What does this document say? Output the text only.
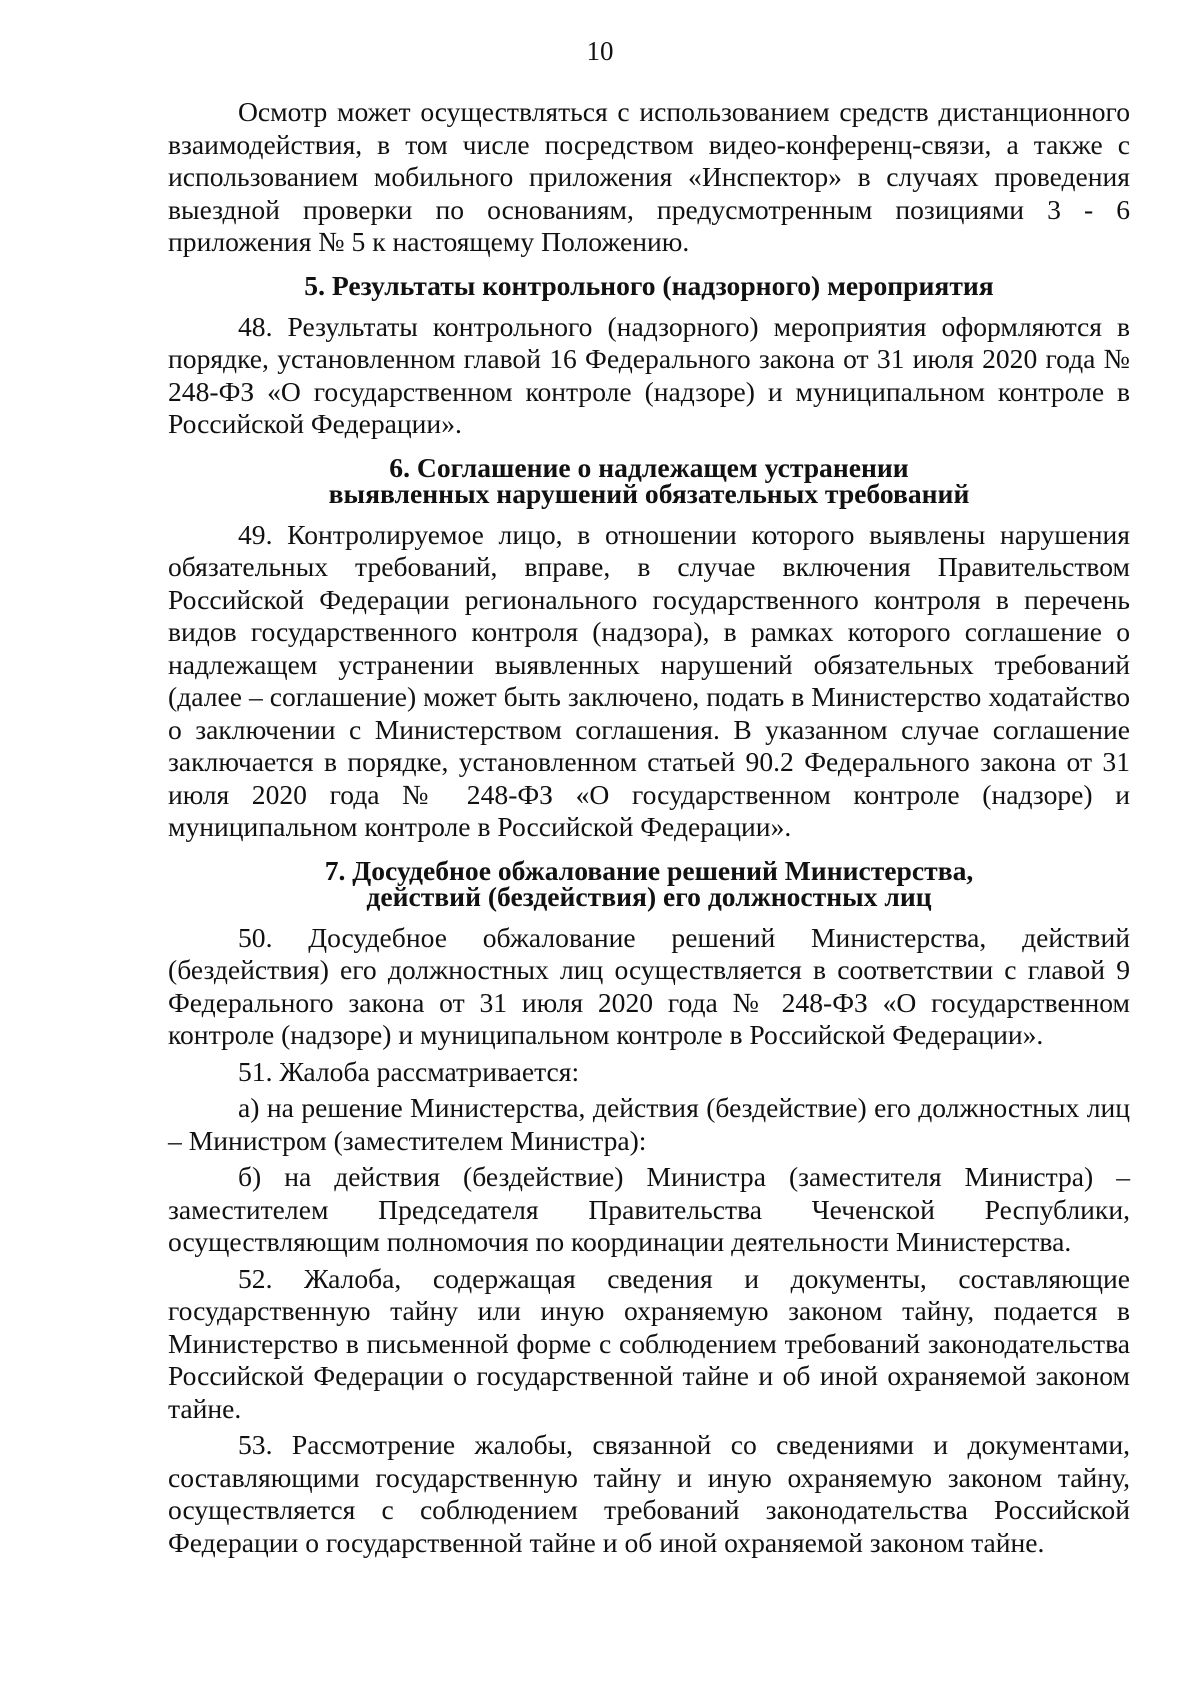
10

Осмотр может осуществляться с использованием средств дистанционного взаимодействия, в том числе посредством видео-конференц-связи, а также с использованием мобильного приложения «Инспектор» в случаях проведения выездной проверки по основаниям, предусмотренным позициями 3 - 6 приложения № 5 к настоящему Положению.

5. Результаты контрольного (надзорного) мероприятия

48. Результаты контрольного (надзорного) мероприятия оформляются в порядке, установленном главой 16 Федерального закона от 31 июля 2020 года № 248-ФЗ «О государственном контроле (надзоре) и муниципальном контроле в Российской Федерации».

6. Соглашение о надлежащем устранении
выявленных нарушений обязательных требований

49. Контролируемое лицо, в отношении которого выявлены нарушения обязательных требований, вправе, в случае включения Правительством Российской Федерации регионального государственного контроля в перечень видов государственного контроля (надзора), в рамках которого соглашение о надлежащем устранении выявленных нарушений обязательных требований (далее – соглашение) может быть заключено, подать в Министерство ходатайство о заключении с Министерством соглашения. В указанном случае соглашение заключается в порядке, установленном статьей 90.2 Федерального закона от 31 июля 2020 года № 248-ФЗ «О государственном контроле (надзоре) и муниципальном контроле в Российской Федерации».

7. Досудебное обжалование решений Министерства,
действий (бездействия) его должностных лиц

50. Досудебное обжалование решений Министерства, действий (бездействия) его должностных лиц осуществляется в соответствии с главой 9 Федерального закона от 31 июля 2020 года № 248-ФЗ «О государственном контроле (надзоре) и муниципальном контроле в Российской Федерации».

51. Жалоба рассматривается:

а) на решение Министерства, действия (бездействие) его должностных лиц – Министром (заместителем Министра):

б) на действия (бездействие) Министра (заместителя Министра) – заместителем Председателя Правительства Чеченской Республики, осуществляющим полномочия по координации деятельности Министерства.

52. Жалоба, содержащая сведения и документы, составляющие государственную тайну или иную охраняемую законом тайну, подается в Министерство в письменной форме с соблюдением требований законодательства Российской Федерации о государственной тайне и об иной охраняемой законом тайне.

53. Рассмотрение жалобы, связанной со сведениями и документами, составляющими государственную тайну и иную охраняемую законом тайну, осуществляется с соблюдением требований законодательства Российской Федерации о государственной тайне и об иной охраняемой законом тайне.
